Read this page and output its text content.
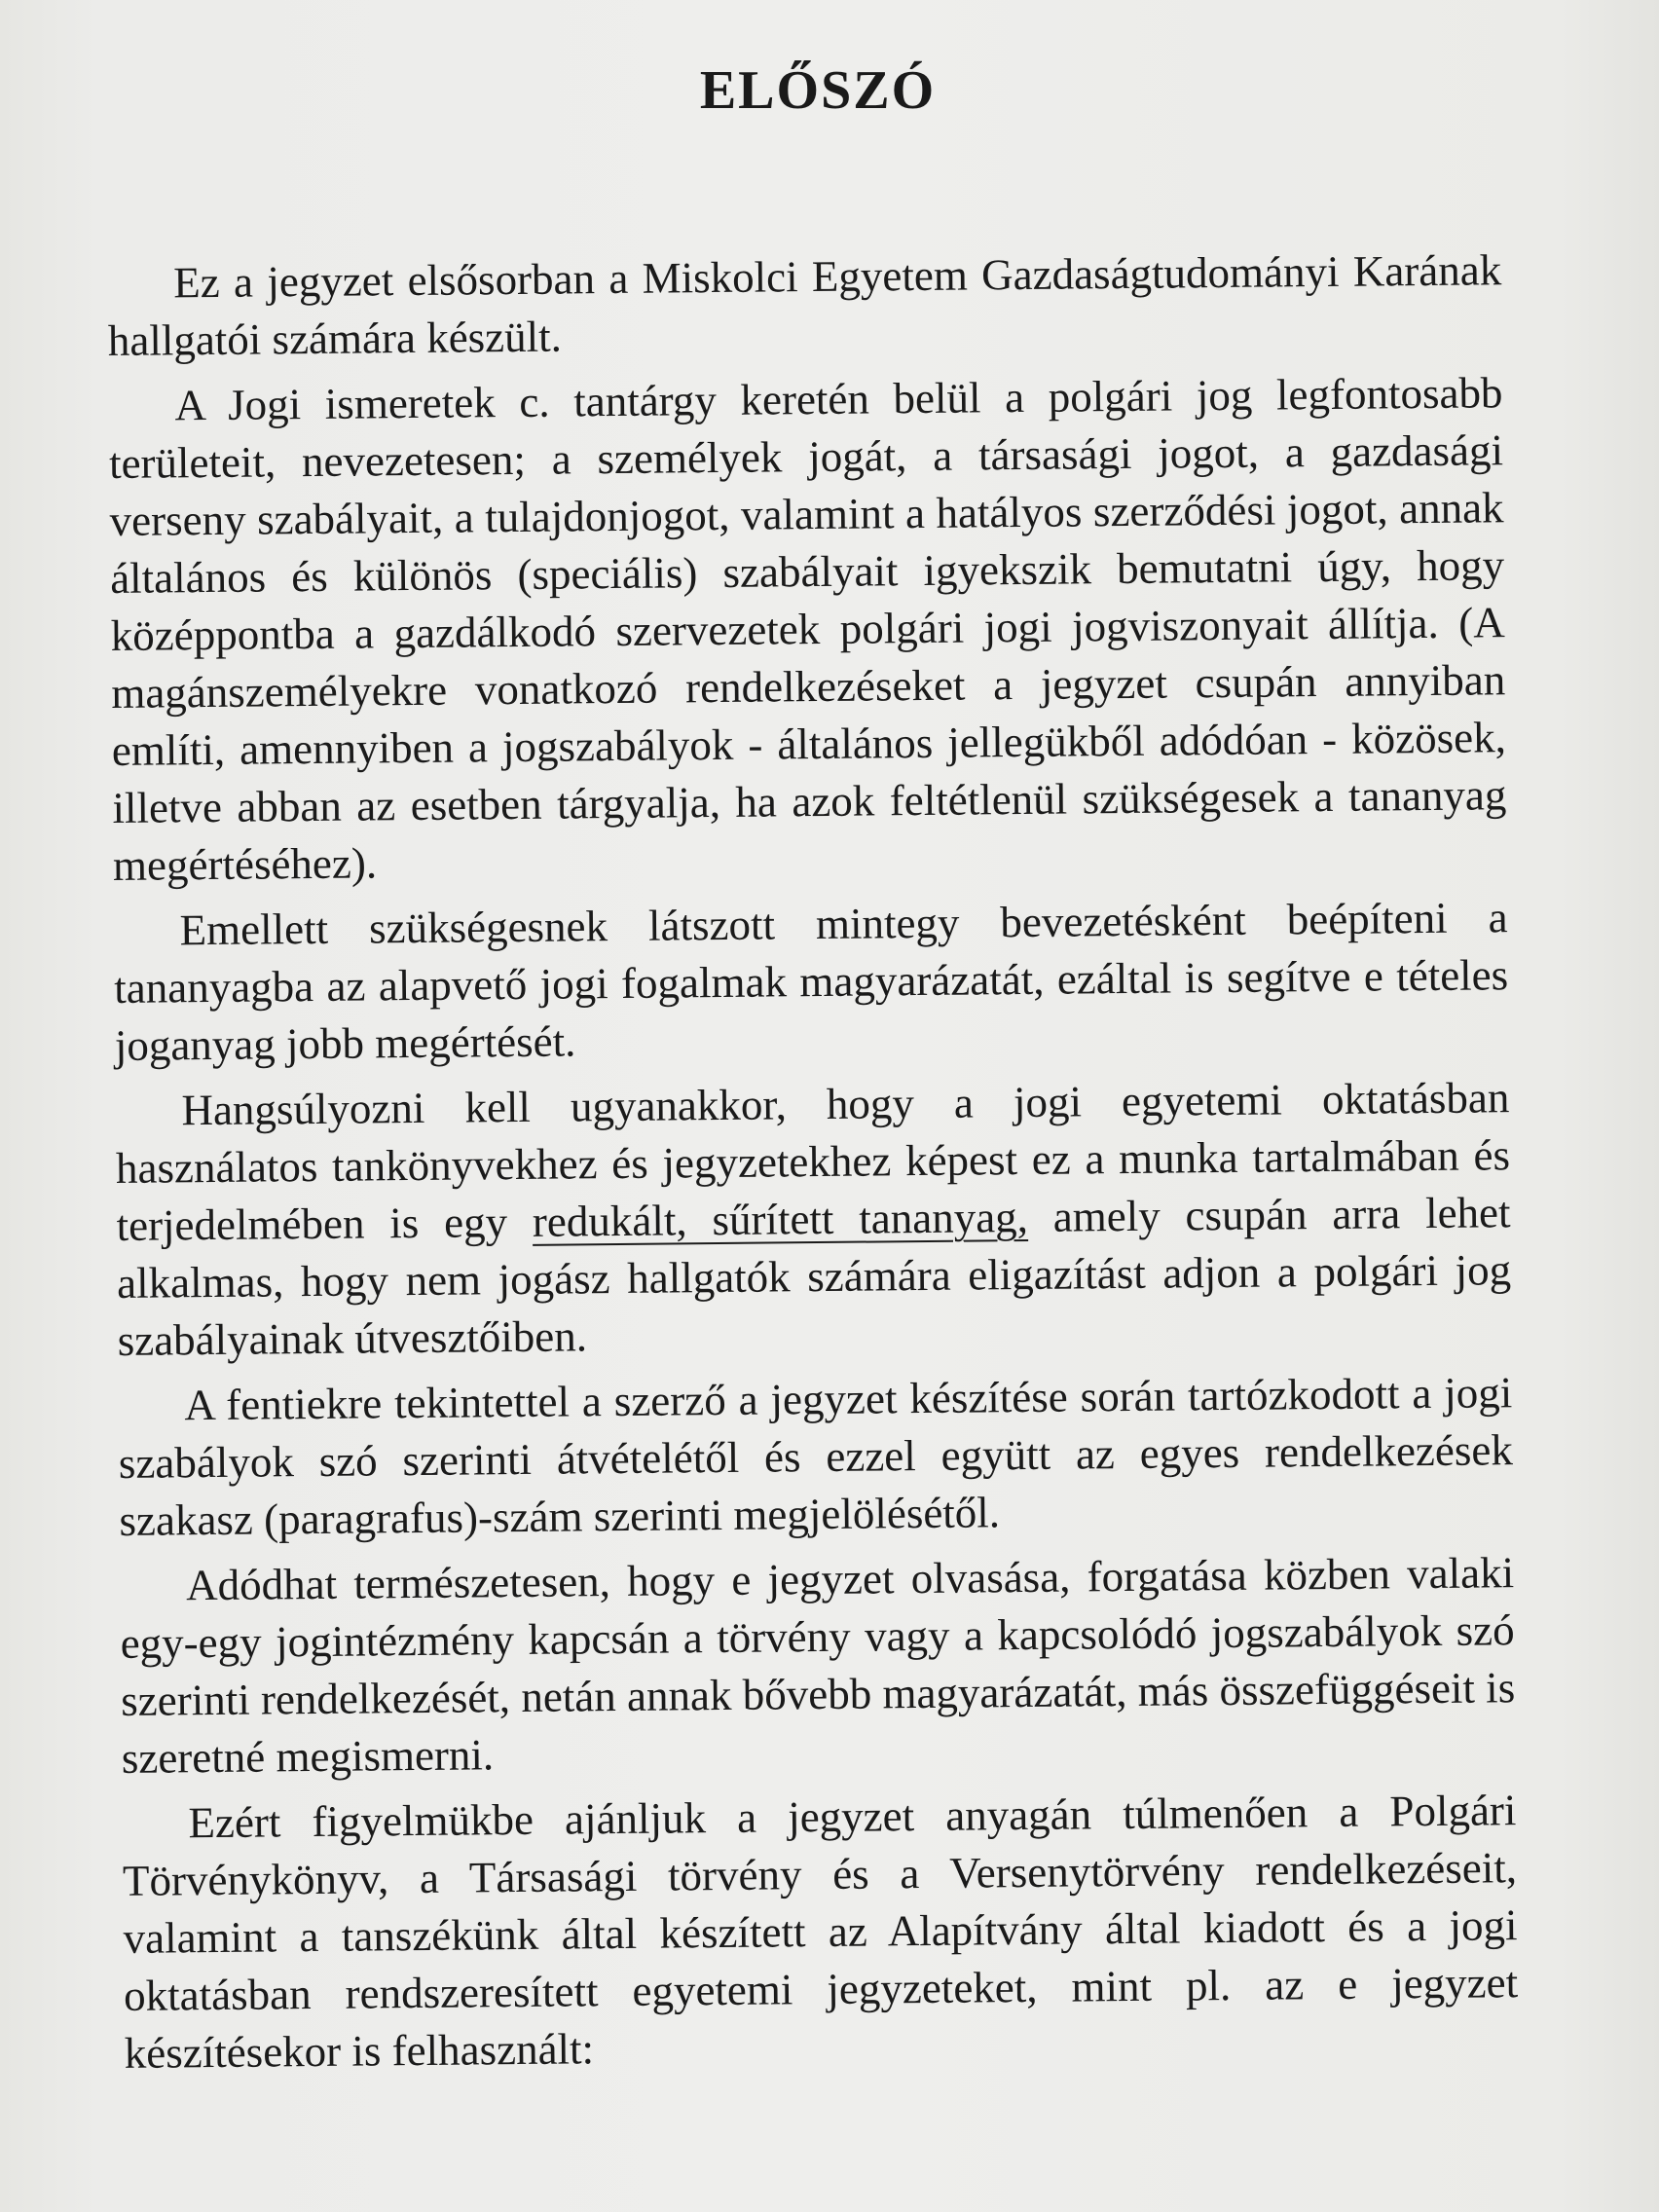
ELŐSZÓ

Ez a jegyzet elsősorban a Miskolci Egyetem Gazdaságtudományi Karának hallgatói számára készült.

A Jogi ismeretek c. tantárgy keretén belül a polgári jog legfontosabb területeit, nevezetesen; a személyek jogát, a társasági jogot, a gazdasági verseny szabályait, a tulajdonjogot, valamint a hatályos szerződési jogot, annak általános és különös (speciális) szabályait igyekszik bemutatni úgy, hogy középpontba a gazdálkodó szervezetek polgári jogi jogviszonyait állítja. (A magánszemélyekre vonatkozó rendelkezéseket a jegyzet csupán annyiban említi, amennyiben a jogszabályok - általános jellegükből adódóan - közösek, illetve abban az esetben tárgyalja, ha azok feltétlenül szükségesek a tananyag megértéséhez).

Emellett szükségesnek látszott mintegy bevezetésként beépíteni a tananyagba az alapvető jogi fogalmak magyarázatát, ezáltal is segítve e tételes joganyag jobb megértését.

Hangsúlyozni kell ugyanakkor, hogy a jogi egyetemi oktatásban használatos tankönyvekhez és jegyzetekhez képest ez a munka tartalmában és terjedelmében is egy redukált, sűrített tananyag, amely csupán arra lehet alkalmas, hogy nem jogász hallgatók számára eligazítást adjon a polgári jog szabályainak útvesztőiben.

A fentiekre tekintettel a szerző a jegyzet készítése során tartózkodott a jogi szabályok szó szerinti átvételétől és ezzel együtt az egyes rendelkezések szakasz (paragrafus)-szám szerinti megjelölésétől.

Adódhat természetesen, hogy e jegyzet olvasása, forgatása közben valaki egy-egy jogintézmény kapcsán a törvény vagy a kapcsolódó jogszabályok szó szerinti rendelkezését, netán annak bővebb magyarázatát, más összefüggéseit is szeretné megismerni.

Ezért figyelmükbe ajánljuk a jegyzet anyagán túlmenően a Polgári Törvénykönyv, a Társasági törvény és a Versenytörvény rendelkezéseit, valamint a tanszékünk által készített az Alapítvány által kiadott és a jogi oktatásban rendszeresített egyetemi jegyzeteket, mint pl. az e jegyzet készítésekor is felhasznált:
